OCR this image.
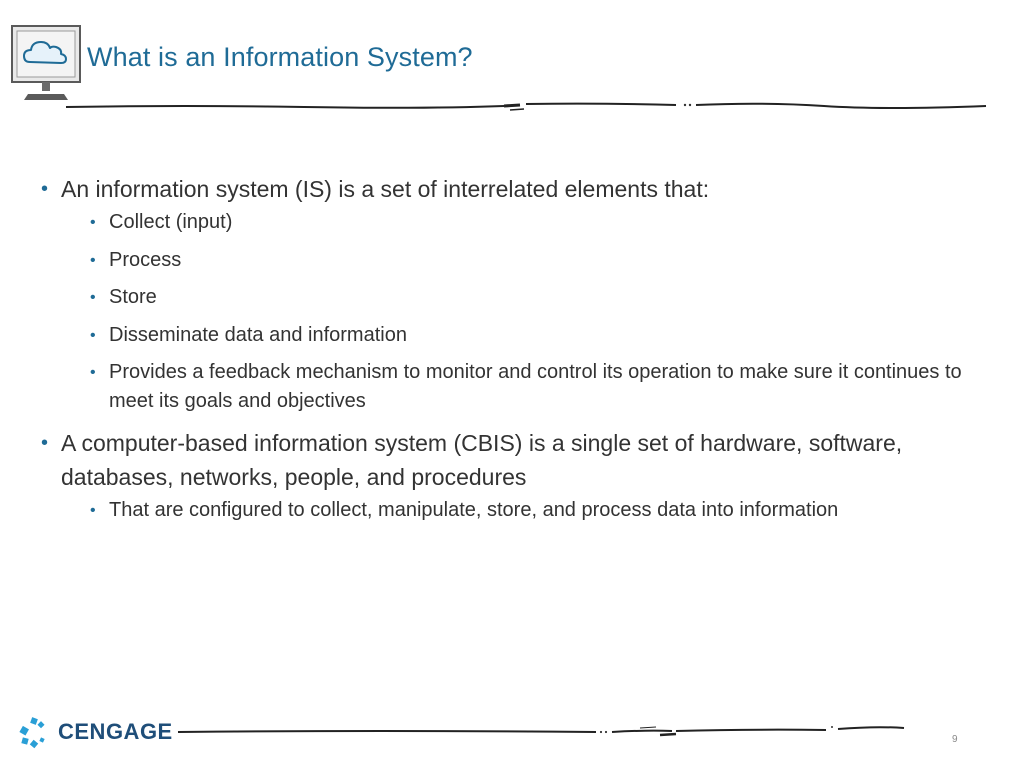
What is an Information System?
• An information system (IS) is a set of interrelated elements that:
• Collect (input)
• Process
• Store
• Disseminate data and information
• Provides a feedback mechanism to monitor and control its operation to make sure it continues to meet its goals and objectives
• A computer-based information system (CBIS) is a single set of hardware, software, databases, networks, people, and procedures
• That are configured to collect, manipulate, store, and process data into information
CENGAGE	9
